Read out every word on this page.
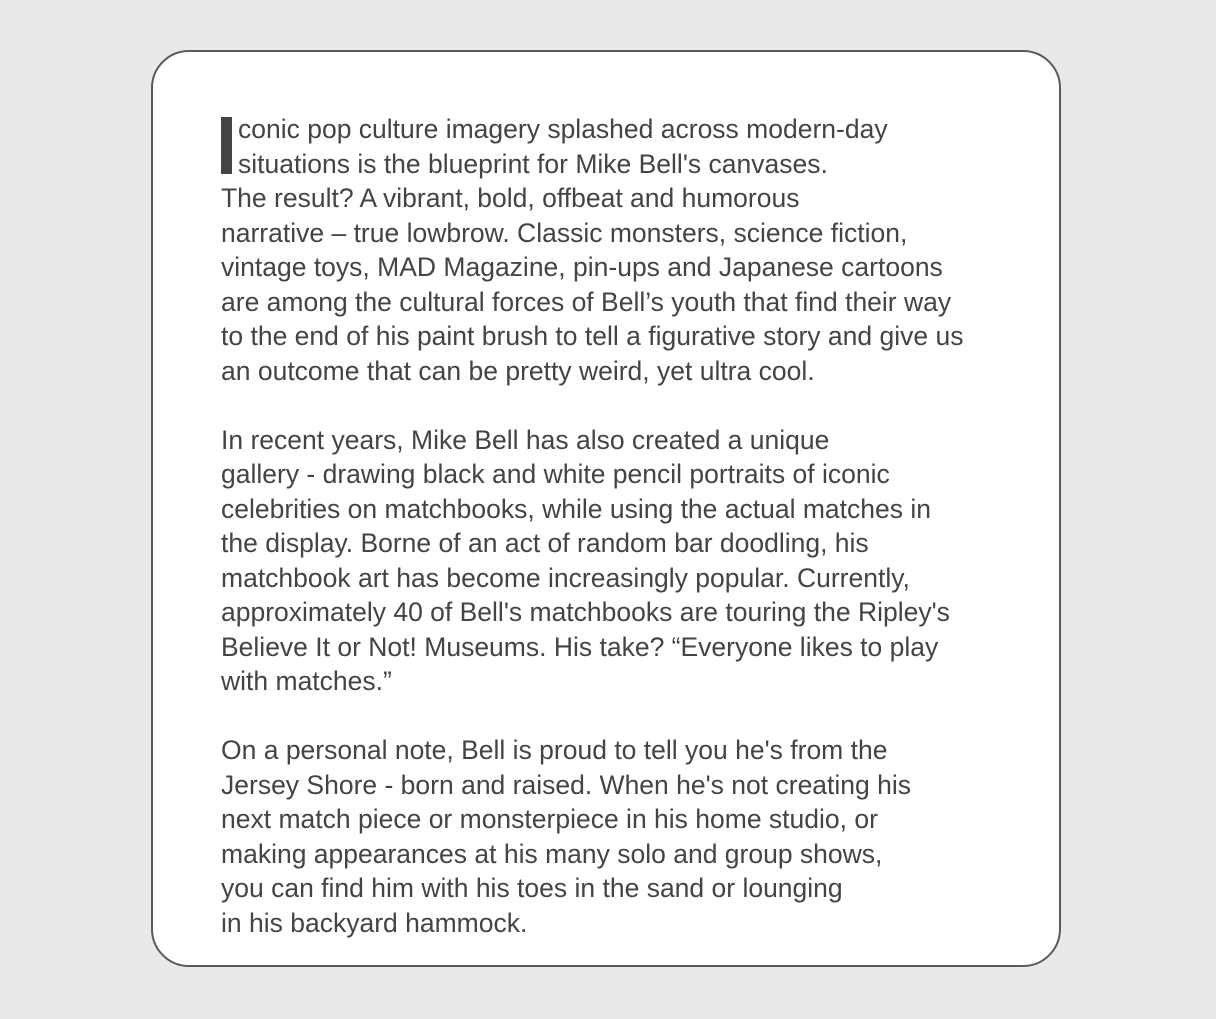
conic pop culture imagery splashed across modern-day
situations is the blueprint for Mike Bell's canvases.
The result? A vibrant, bold, offbeat and humorous
narrative – true lowbrow. Classic monsters, science fiction,
vintage toys, MAD Magazine, pin-ups and Japanese cartoons
are among the cultural forces of Bell’s youth that find their way
to the end of his paint brush to tell a figurative story and give us
an outcome that can be pretty weird, yet ultra cool.

In recent years, Mike Bell has also created a unique
gallery - drawing black and white pencil portraits of iconic
celebrities on matchbooks, while using the actual matches in
the display. Borne of an act of random bar doodling, his
matchbook art has become increasingly popular. Currently,
approximately 40 of Bell's matchbooks are touring the Ripley's
Believe It or Not! Museums. His take? “Everyone likes to play
with matches.”

On a personal note, Bell is proud to tell you he's from the
Jersey Shore - born and raised. When he's not creating his
next match piece or monsterpiece in his home studio, or
making appearances at his many solo and group shows,
you can find him with his toes in the sand or lounging
in his backyard hammock.
